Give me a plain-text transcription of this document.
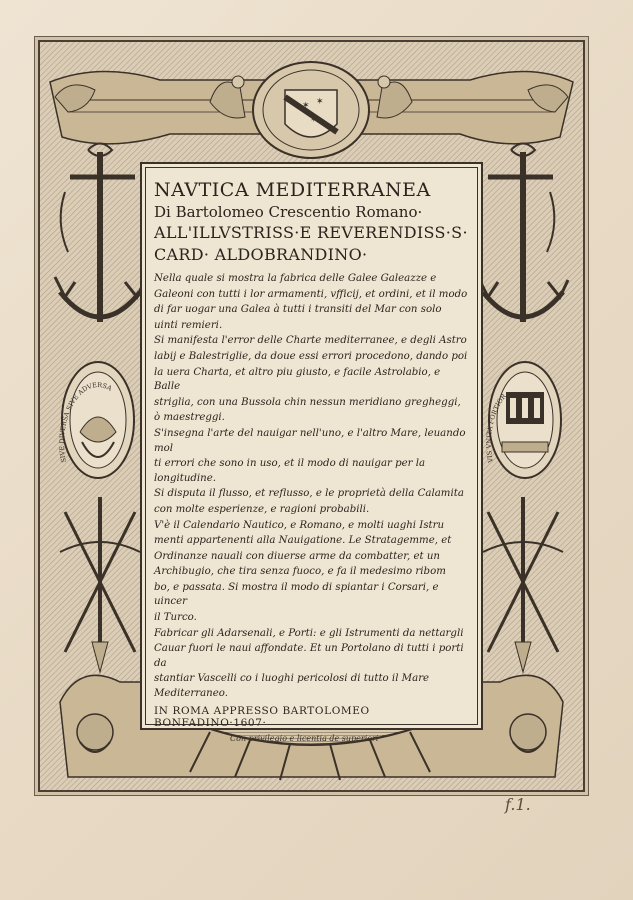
✶ ✶
✶
SIVE DIVERSA SIVE ADVERSA
VIS VNITA FORTIOR
NAVTICA MEDITERRANEA
Di Bartolomeo Crescentio Romano·
ALL'ILLVSTRISS·E REVERENDISS·S·
CARD· ALDOBRANDINO·

Nella quale si mostra la fabrica delle Galee Galeazze e

Galeoni con tutti i lor armamenti, vfficij, et ordini, et il modo

di far uogar una Galea à tutti i transiti del Mar con solo

uinti remieri.

Si manifesta l'error delle Charte mediterranee, e degli Astro

labij e Balestriglie, da doue essi errori procedono, dando poi

la uera Charta, et altro piu giusto, e facile Astrolabio, e Balle

striglia, con una Bussola chin nessun meridiano gregheggi,

ò maestreggi.

S'insegna l'arte del nauigar nell'uno, e l'altro Mare, leuando mol

ti errori che sono in uso, et il modo di nauigar per la longitudine.

Si disputa il flusso, et reflusso, e le proprietà della Calamita

con molte esperienze, e ragioni probabili.

V'è il Calendario Nautico, e Romano, e molti uaghi Istru

menti appartenenti alla Nauigatione. Le Stratagemme, et

Ordinanze nauali con diuerse arme da combatter, et un

Archibugio, che tira senza fuoco, e fa il medesimo ribom

bo, e passata. Si mostra il modo di spiantar i Corsari, e uincer

il Turco.

Fabricar gli Adarsenali, e Porti: e gli Istrumenti da nettargli

Cauar fuori le naui affondate. Et un Portolano di tutti i porti da

stantiar Vascelli co i luoghi pericolosi di tutto il Mare Mediterraneo.

IN ROMA APPRESSO BARTOLOMEO BONFADINO·1607·
Con privilegio e licentia de superiori
f.1.
